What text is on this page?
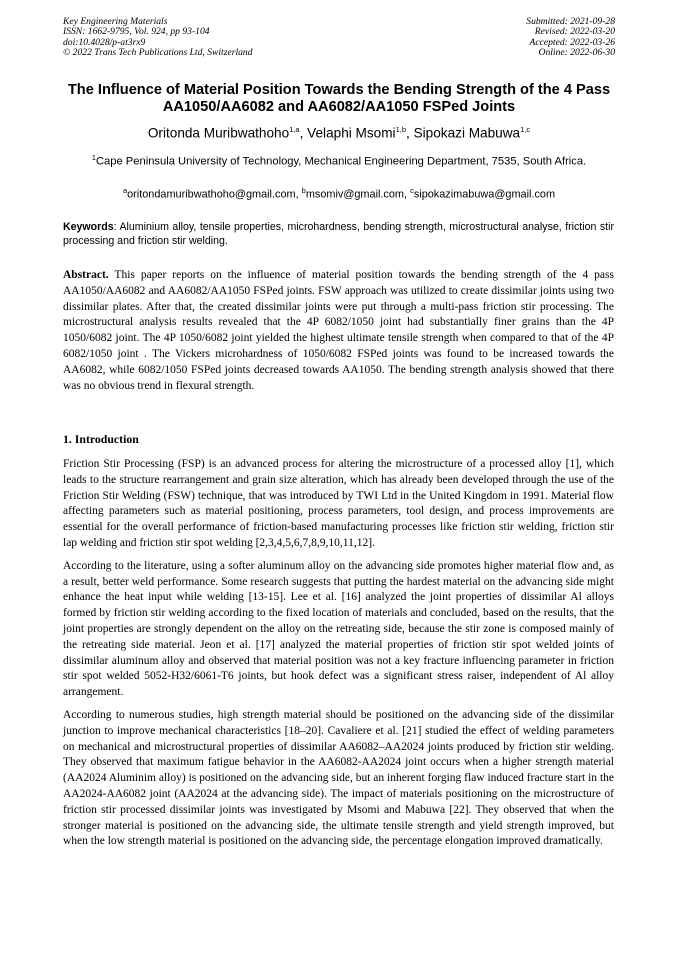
Key Engineering Materials
ISSN: 1662-9795, Vol. 924, pp 93-104
doi:10.4028/p-at3rx9
© 2022 Trans Tech Publications Ltd, Switzerland
Submitted: 2021-09-28
Revised: 2022-03-20
Accepted: 2022-03-26
Online: 2022-06-30
The Influence of Material Position Towards the Bending Strength of the 4 Pass AA1050/AA6082 and AA6082/AA1050 FSPed Joints
Oritonda Muribwathoho$^{1,a}$, Velaphi Msomi$^{1,b}$, Sipokazi Mabuwa$^{1,c}$
$^1$Cape Peninsula University of Technology, Mechanical Engineering Department, 7535, South Africa.
$^a$oritondamuribwathoho@gmail.com, $^b$msomiv@gmail.com, $^c$sipokazimabuwa@gmail.com
Keywords: Aluminium alloy, tensile properties, microhardness, bending strength, microstructural analyse, friction stir processing and friction stir welding.
Abstract. This paper reports on the influence of material position towards the bending strength of the 4 pass AA1050/AA6082 and AA6082/AA1050 FSPed joints. FSW approach was utilized to create dissimilar joints using two dissimilar plates. After that, the created dissimilar joints were put through a multi-pass friction stir processing. The microstructural analysis results revealed that the 4P 6082/1050 joint had substantially finer grains than the 4P 1050/6082 joint. The 4P 1050/6082 joint yielded the highest ultimate tensile strength when compared to that of the 4P 6082/1050 joint . The Vickers microhardness of 1050/6082 FSPed joints was found to be increased towards the AA6082, while 6082/1050 FSPed joints decreased towards AA1050. The bending strength analysis showed that there was no obvious trend in flexural strength.
1. Introduction

Friction Stir Processing (FSP) is an advanced process for altering the microstructure of a processed alloy [1], which leads to the structure rearrangement and grain size alteration, which has already been developed through the use of the Friction Stir Welding (FSW) technique, that was introduced by TWI Ltd in the United Kingdom in 1991. Material flow affecting parameters such as material positioning, process parameters, tool design, and process improvements are essential for the overall performance of friction-based manufacturing processes like friction stir welding, friction stir lap welding and friction stir spot welding [2,3,4,5,6,7,8,9,10,11,12].

According to the literature, using a softer aluminum alloy on the advancing side promotes higher material flow and, as a result, better weld performance. Some research suggests that putting the hardest material on the advancing side might enhance the heat input while welding [13-15]. Lee et al. [16] analyzed the joint properties of dissimilar Al alloys formed by friction stir welding according to the fixed location of materials and concluded, based on the results, that the joint properties are strongly dependent on the alloy on the retreating side, because the stir zone is composed mainly of the retreating side material. Jeon et al. [17] analyzed the material properties of friction stir spot welded joints of dissimilar aluminum alloy and observed that material position was not a key fracture influencing parameter in friction stir spot welded 5052-H32/6061-T6 joints, but hook defect was a significant stress raiser, independent of Al alloy arrangement.

According to numerous studies, high strength material should be positioned on the advancing side of the dissimilar junction to improve mechanical characteristics [18–20]. Cavaliere et al. [21] studied the effect of welding parameters on mechanical and microstructural properties of dissimilar AA6082–AA2024 joints produced by friction stir welding. They observed that maximum fatigue behavior in the AA6082-AA2024 joint occurs when a higher strength material (AA2024 Aluminim alloy) is positioned on the advancing side, but an inherent forging flaw induced fracture start in the AA2024-AA6082 joint (AA2024 at the advancing side). The impact of materials positioning on the microstructure of friction stir processed dissimilar joints was investigated by Msomi and Mabuwa [22]. They observed that when the stronger material is positioned on the advancing side, the ultimate tensile strength and yield strength improved, but when the low strength material is positioned on the advancing side, the percentage elongation improved dramatically.
